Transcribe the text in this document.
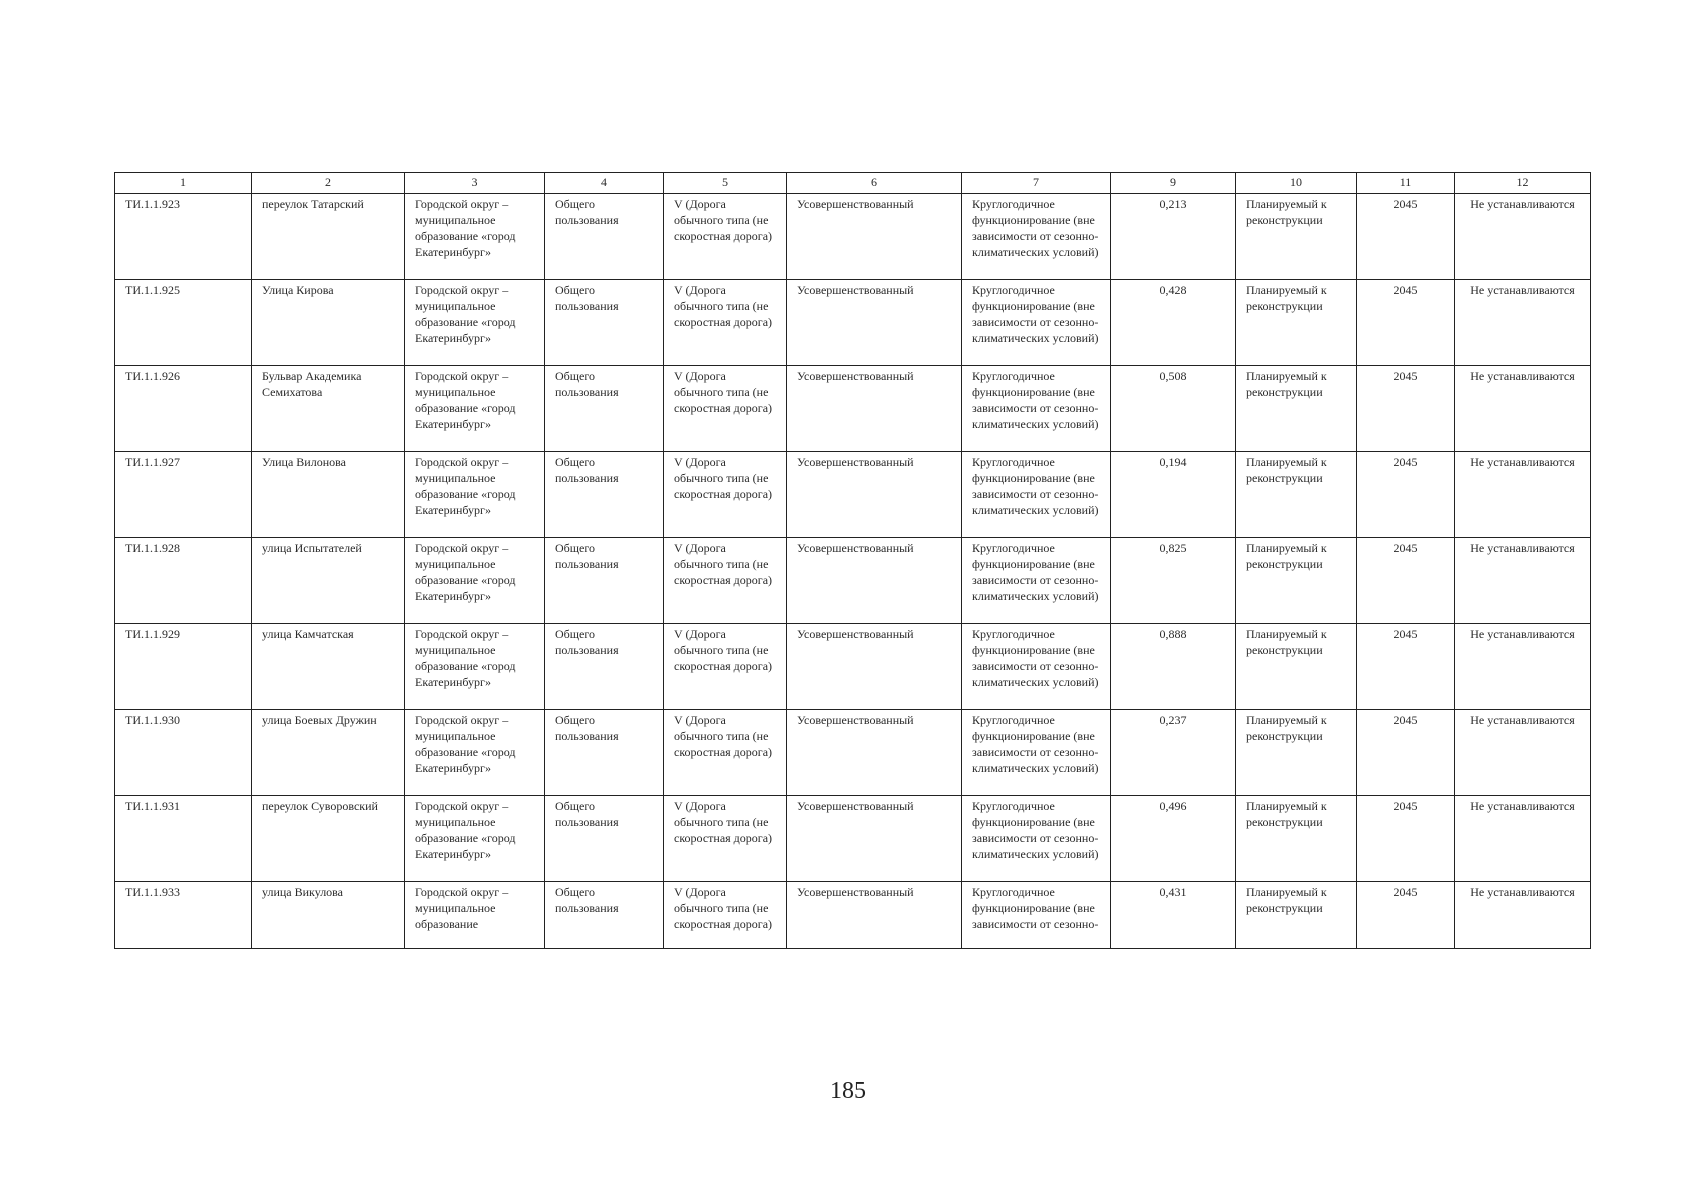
1	2	3	4	5	6	7	9	10	11	12
ТИ.1.1.923	переулок Татарский	Городской округ – муниципальное образование «город Екатеринбург»	Общего пользования	V (Дорога обычного типа (не скоростная дорога)	Усовершенствованный	Круглогодичное функционирование (вне зависимости от сезонно-климатических условий)	0,213	Планируемый к реконструкции	2045	Не устанавливаются
ТИ.1.1.925	Улица Кирова	Городской округ – муниципальное образование «город Екатеринбург»	Общего пользования	V (Дорога обычного типа (не скоростная дорога)	Усовершенствованный	Круглогодичное функционирование (вне зависимости от сезонно-климатических условий)	0,428	Планируемый к реконструкции	2045	Не устанавливаются
ТИ.1.1.926	Бульвар Академика Семихатова	Городской округ – муниципальное образование «город Екатеринбург»	Общего пользования	V (Дорога обычного типа (не скоростная дорога)	Усовершенствованный	Круглогодичное функционирование (вне зависимости от сезонно-климатических условий)	0,508	Планируемый к реконструкции	2045	Не устанавливаются
ТИ.1.1.927	Улица Вилонова	Городской округ – муниципальное образование «город Екатеринбург»	Общего пользования	V (Дорога обычного типа (не скоростная дорога)	Усовершенствованный	Круглогодичное функционирование (вне зависимости от сезонно-климатических условий)	0,194	Планируемый к реконструкции	2045	Не устанавливаются
ТИ.1.1.928	улица Испытателей	Городской округ – муниципальное образование «город Екатеринбург»	Общего пользования	V (Дорога обычного типа (не скоростная дорога)	Усовершенствованный	Круглогодичное функционирование (вне зависимости от сезонно-климатических условий)	0,825	Планируемый к реконструкции	2045	Не устанавливаются
ТИ.1.1.929	улица Камчатская	Городской округ – муниципальное образование «город Екатеринбург»	Общего пользования	V (Дорога обычного типа (не скоростная дорога)	Усовершенствованный	Круглогодичное функционирование (вне зависимости от сезонно-климатических условий)	0,888	Планируемый к реконструкции	2045	Не устанавливаются
ТИ.1.1.930	улица Боевых Дружин	Городской округ – муниципальное образование «город Екатеринбург»	Общего пользования	V (Дорога обычного типа (не скоростная дорога)	Усовершенствованный	Круглогодичное функционирование (вне зависимости от сезонно-климатических условий)	0,237	Планируемый к реконструкции	2045	Не устанавливаются
ТИ.1.1.931	переулок Суворовский	Городской округ – муниципальное образование «город Екатеринбург»	Общего пользования	V (Дорога обычного типа (не скоростная дорога)	Усовершенствованный	Круглогодичное функционирование (вне зависимости от сезонно-климатических условий)	0,496	Планируемый к реконструкции	2045	Не устанавливаются
ТИ.1.1.933	улица Викулова	Городской округ – муниципальное образование	Общего пользования	V (Дорога обычного типа (не скоростная дорога)	Усовершенствованный	Круглогодичное функционирование (вне зависимости от сезонно-	0,431	Планируемый к реконструкции	2045	Не устанавливаются
185
